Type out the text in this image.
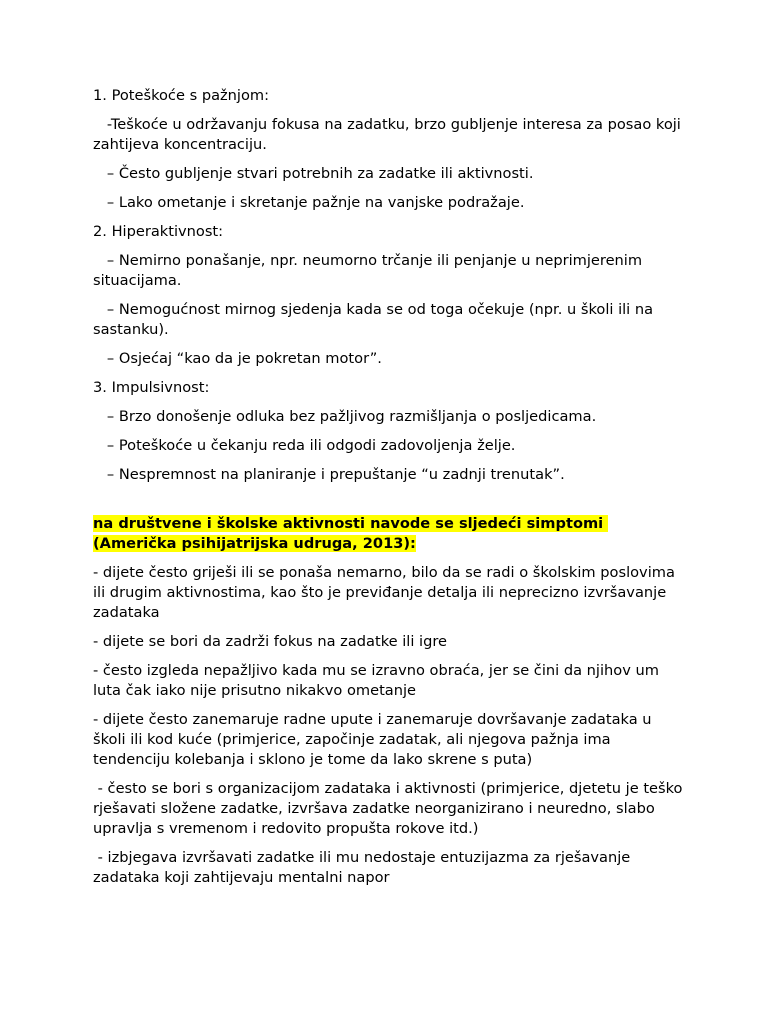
1. Poteškoće s pažnjom:

-Teškoće u održavanju fokusa na zadatku, brzo gubljenje interesa za posao koji zahtijeva koncentraciju.

– Često gubljenje stvari potrebnih za zadatke ili aktivnosti.

– Lako ometanje i skretanje pažnje na vanjske podražaje.

2. Hiperaktivnost:

– Nemirno ponašanje, npr. neumorno trčanje ili penjanje u neprimjerenim situacijama.

– Nemogućnost mirnog sjedenja kada se od toga očekuje (npr. u školi ili na sastanku).

– Osjećaj “kao da je pokretan motor”.

3. Impulsivnost:

– Brzo donošenje odluka bez pažljivog razmišljanja o posljedicama.

– Poteškoće u čekanju reda ili odgodi zadovoljenja želje.

– Nespremnost na planiranje i prepuštanje “u zadnji trenutak”.

na društvene i školske aktivnosti navode se sljedeći simptomi (Američka psihijatrijska udruga, 2013):

- dijete često griješi ili se ponaša nemarno, bilo da se radi o školskim poslovima ili drugim aktivnostima, kao što je previđanje detalja ili neprecizno izvršavanje zadataka

- dijete se bori da zadrži fokus na zadatke ili igre

- često izgleda nepažljivo kada mu se izravno obraća, jer se čini da njihov um luta čak iako nije prisutno nikakvo ometanje

- dijete često zanemaruje radne upute i zanemaruje dovršavanje zadataka u školi ili kod kuće (primjerice, započinje zadatak, ali njegova pažnja ima tendenciju kolebanja i sklono je tome da lako skrene s puta)

- često se bori s organizacijom zadataka i aktivnosti (primjerice, djetetu je teško rješavati složene zadatke, izvršava zadatke neorganizirano i neuredno, slabo upravlja s vremenom i redovito propušta rokove itd.)

- izbjegava izvršavati zadatke ili mu nedostaje entuzijazma za rješavanje zadataka koji zahtijevaju mentalni napor
